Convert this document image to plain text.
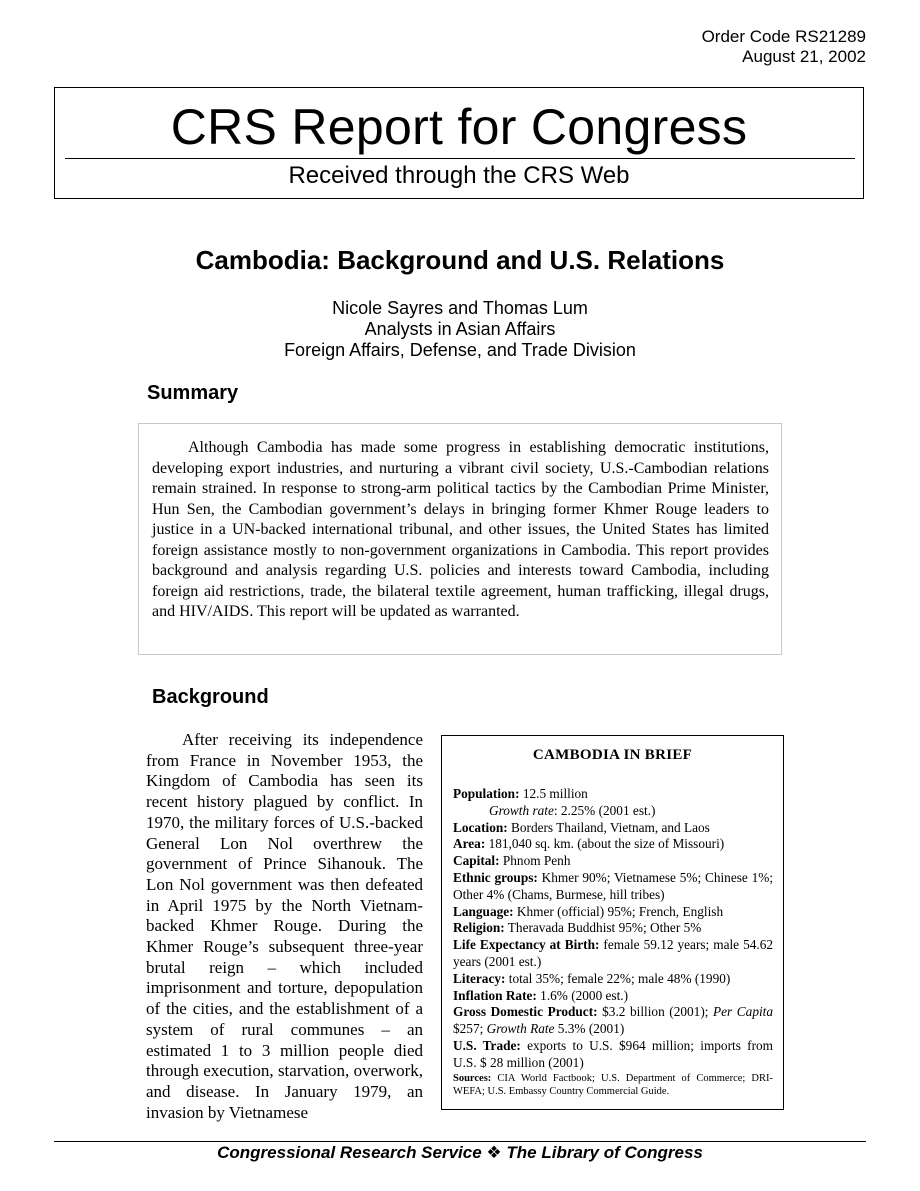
Order Code RS21289
August 21, 2002
CRS Report for Congress
Received through the CRS Web
Cambodia: Background and U.S. Relations
Nicole Sayres and Thomas Lum
Analysts in Asian Affairs
Foreign Affairs, Defense, and Trade Division
Summary
Although Cambodia has made some progress in establishing democratic institutions, developing export industries, and nurturing a vibrant civil society, U.S.-Cambodian relations remain strained. In response to strong-arm political tactics by the Cambodian Prime Minister, Hun Sen, the Cambodian government’s delays in bringing former Khmer Rouge leaders to justice in a UN-backed international tribunal, and other issues, the United States has limited foreign assistance mostly to non-government organizations in Cambodia. This report provides background and analysis regarding U.S. policies and interests toward Cambodia, including foreign aid restrictions, trade, the bilateral textile agreement, human trafficking, illegal drugs, and HIV/AIDS. This report will be updated as warranted.
Background
After receiving its independence from France in November 1953, the Kingdom of Cambodia has seen its recent history plagued by conflict. In 1970, the military forces of U.S.-backed General Lon Nol overthrew the government of Prince Sihanouk. The Lon Nol government was then defeated in April 1975 by the North Vietnam-backed Khmer Rouge. During the Khmer Rouge’s subsequent three-year brutal reign – which included imprisonment and torture, depopulation of the cities, and the establishment of a system of rural communes – an estimated 1 to 3 million people died through execution, starvation, overwork, and disease. In January 1979, an invasion by Vietnamese
CAMBODIA IN BRIEF
Population: 12.5 million
Growth rate: 2.25% (2001 est.)
Location: Borders Thailand, Vietnam, and Laos
Area: 181,040 sq. km. (about the size of Missouri)
Capital: Phnom Penh
Ethnic groups: Khmer 90%; Vietnamese 5%; Chinese 1%; Other 4% (Chams, Burmese, hill tribes)
Language: Khmer (official) 95%; French, English
Religion: Theravada Buddhist 95%; Other 5%
Life Expectancy at Birth: female 59.12 years; male 54.62 years (2001 est.)
Literacy: total 35%; female 22%; male 48% (1990)
Inflation Rate: 1.6% (2000 est.)
Gross Domestic Product: $3.2 billion (2001); Per Capita $257; Growth Rate 5.3% (2001)
U.S. Trade: exports to U.S. $964 million; imports from U.S. $ 28 million (2001)
Sources: CIA World Factbook; U.S. Department of Commerce; DRI-WEFA; U.S. Embassy Country Commercial Guide.
Congressional Research Service ❖ The Library of Congress
